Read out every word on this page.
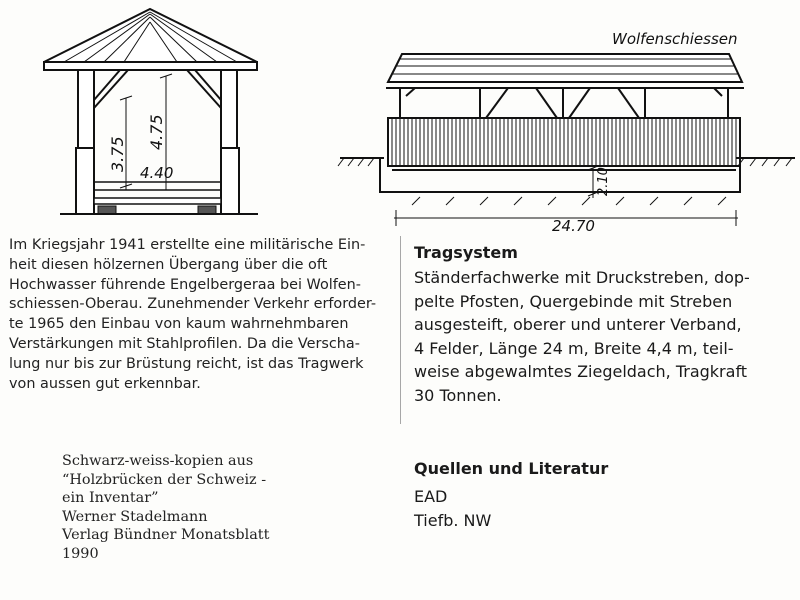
3.75
4.75
4.40
Wolfenschiessen
2.10
24.70
Im Kriegsjahr 1941 erstellte eine militärische Ein-
heit diesen hölzernen Übergang über die oft
Hochwasser führende Engelbergeraa bei Wolfen-
schiessen-Oberau. Zunehmender Verkehr erforder-
te 1965 den Einbau von kaum wahrnehmbaren
Verstärkungen mit Stahlprofilen. Da die Verscha-
lung nur bis zur Brüstung reicht, ist das Tragwerk
von aussen gut erkennbar.
Tragsystem
Ständerfachwerke mit Druckstreben, dop-
pelte Pfosten, Quergebinde mit Streben
ausgesteift, oberer und unterer Verband,
4 Felder, Länge 24 m, Breite 4,4 m, teil-
weise abgewalmtes Ziegeldach, Tragkraft
30 Tonnen.
Quellen und Literatur
EAD
Tiefb. NW
Schwarz-weiss-kopien aus
“Holzbrücken der Schweiz -
ein Inventar”
Werner Stadelmann
Verlag Bündner Monatsblatt
1990
